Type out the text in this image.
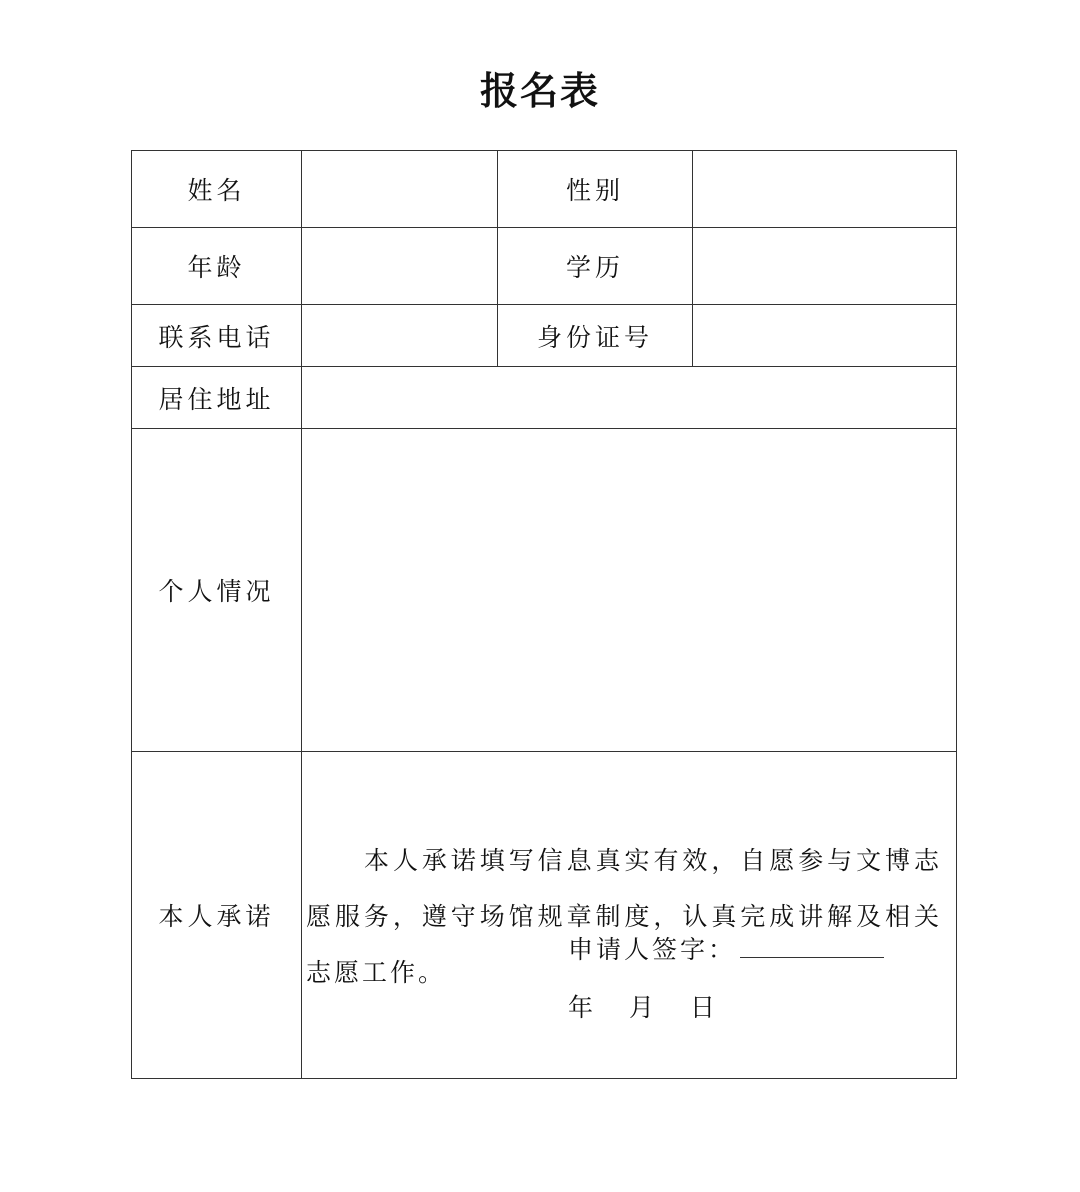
报名表
姓名		性别	
年龄		学历	
联系电话		身份证号	
居住地址			
个人情况			
本人承诺	本人承诺填写信息真实有效，自愿参与文博志愿服务，遵守场馆规章制度，认真完成讲解及相关志愿工作。
申请人签字：
年 月 日		
